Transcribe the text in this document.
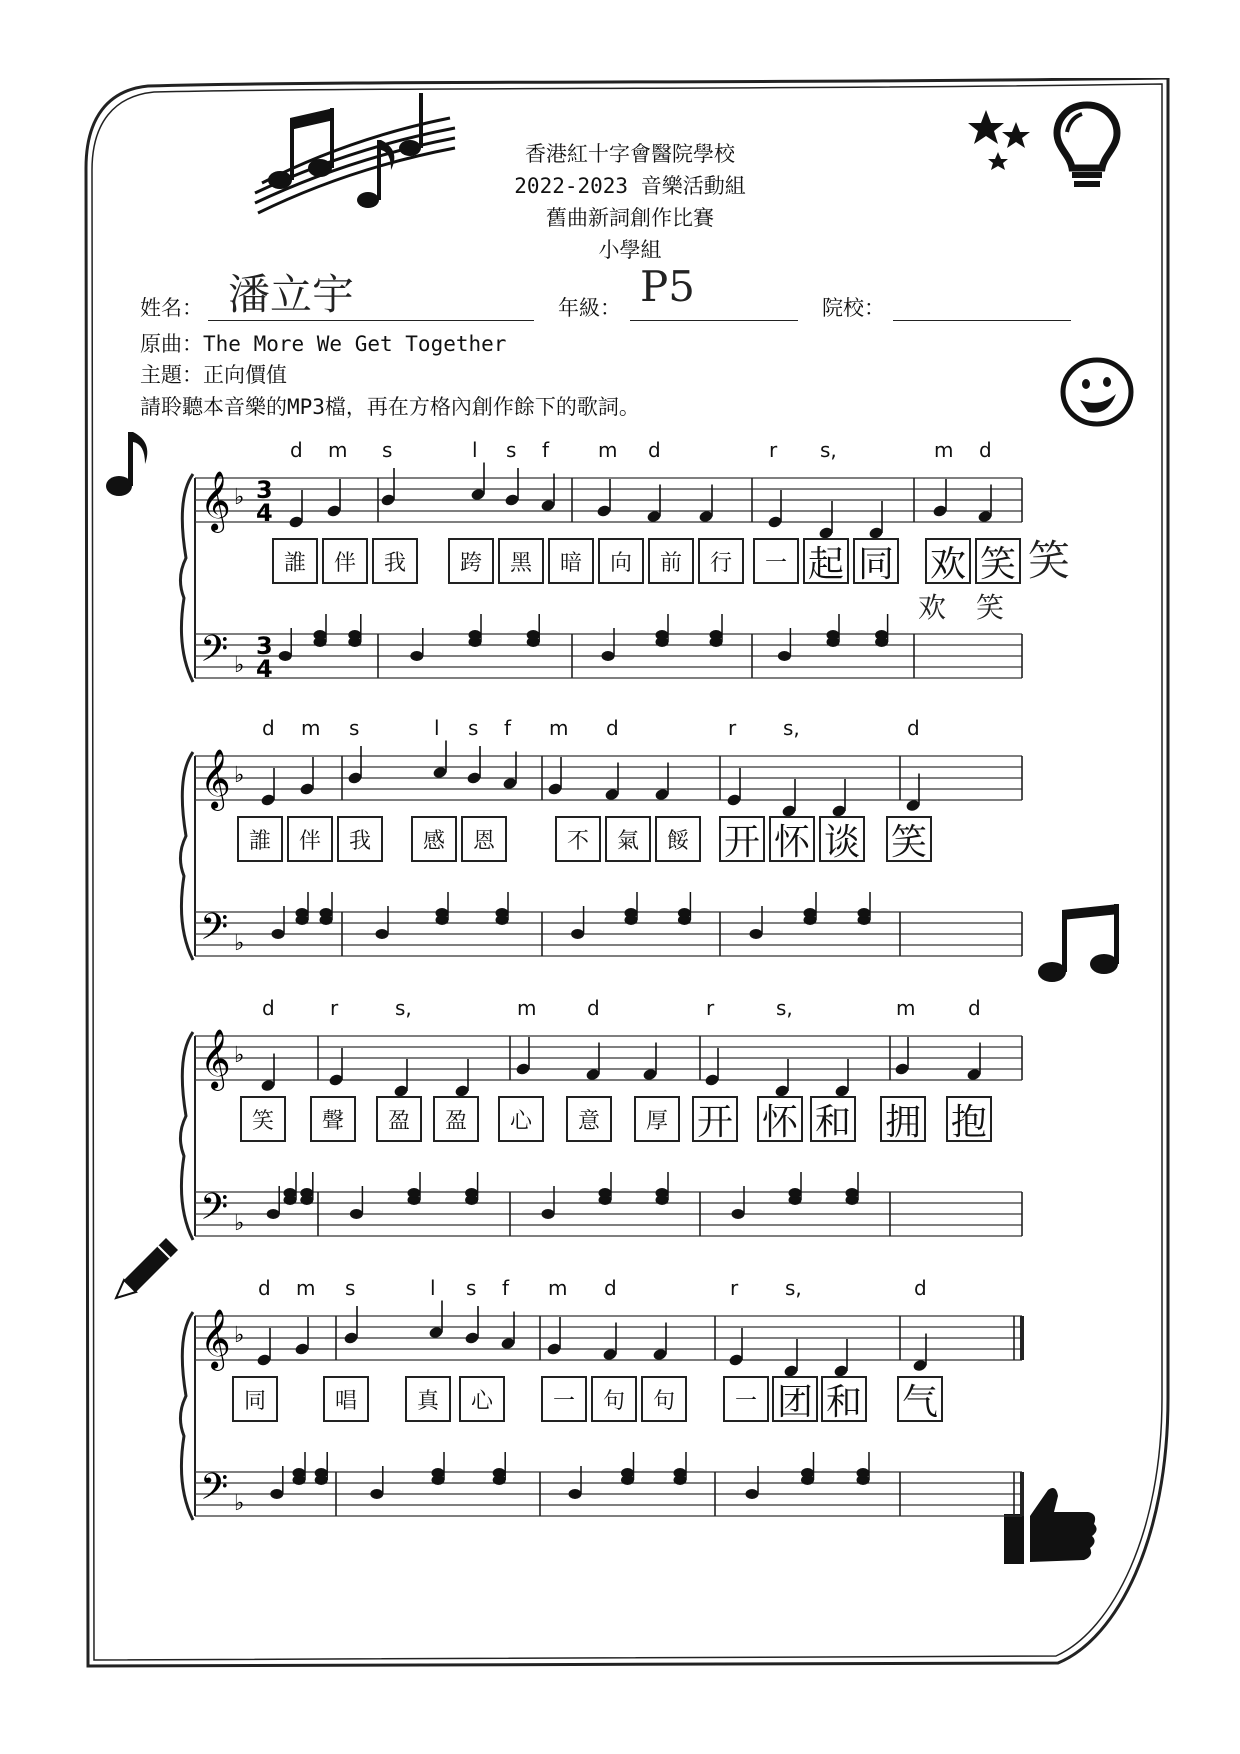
香港紅十字會醫院學校
2022-2023 音樂活動組
舊曲新詞創作比賽
小學組
姓名： 潘立宇	年級： P5	院校：
原曲：The More We Get Together
主題：正向價值
請聆聽本音樂的MP3檔，再在方格內創作餘下的歌詞。
𝄞
𝄢
♭
♭
3
4
3
4
𝄞
𝄢
♭
♭
𝄞
𝄢
♭
♭
𝄞
𝄢
♭
♭
d m s	l s f m d	r s,	m d
誰	伴	我	跨	黑	暗	向	前	行	一 起 同 欢 笑 笑
欢 笑
d m s	l s f m d	r s,	d
誰	伴	我	感	恩	不	氣	餒 开 怀 谈 笑
d	r	s,	m	d	r	s,	m	d
笑	聲	盈	盈	心	意	厚 开 怀 和 拥 抱
d m s	l s f m d	r s,	d
同	唱	真	心	一	句	句	一 团 和 气
